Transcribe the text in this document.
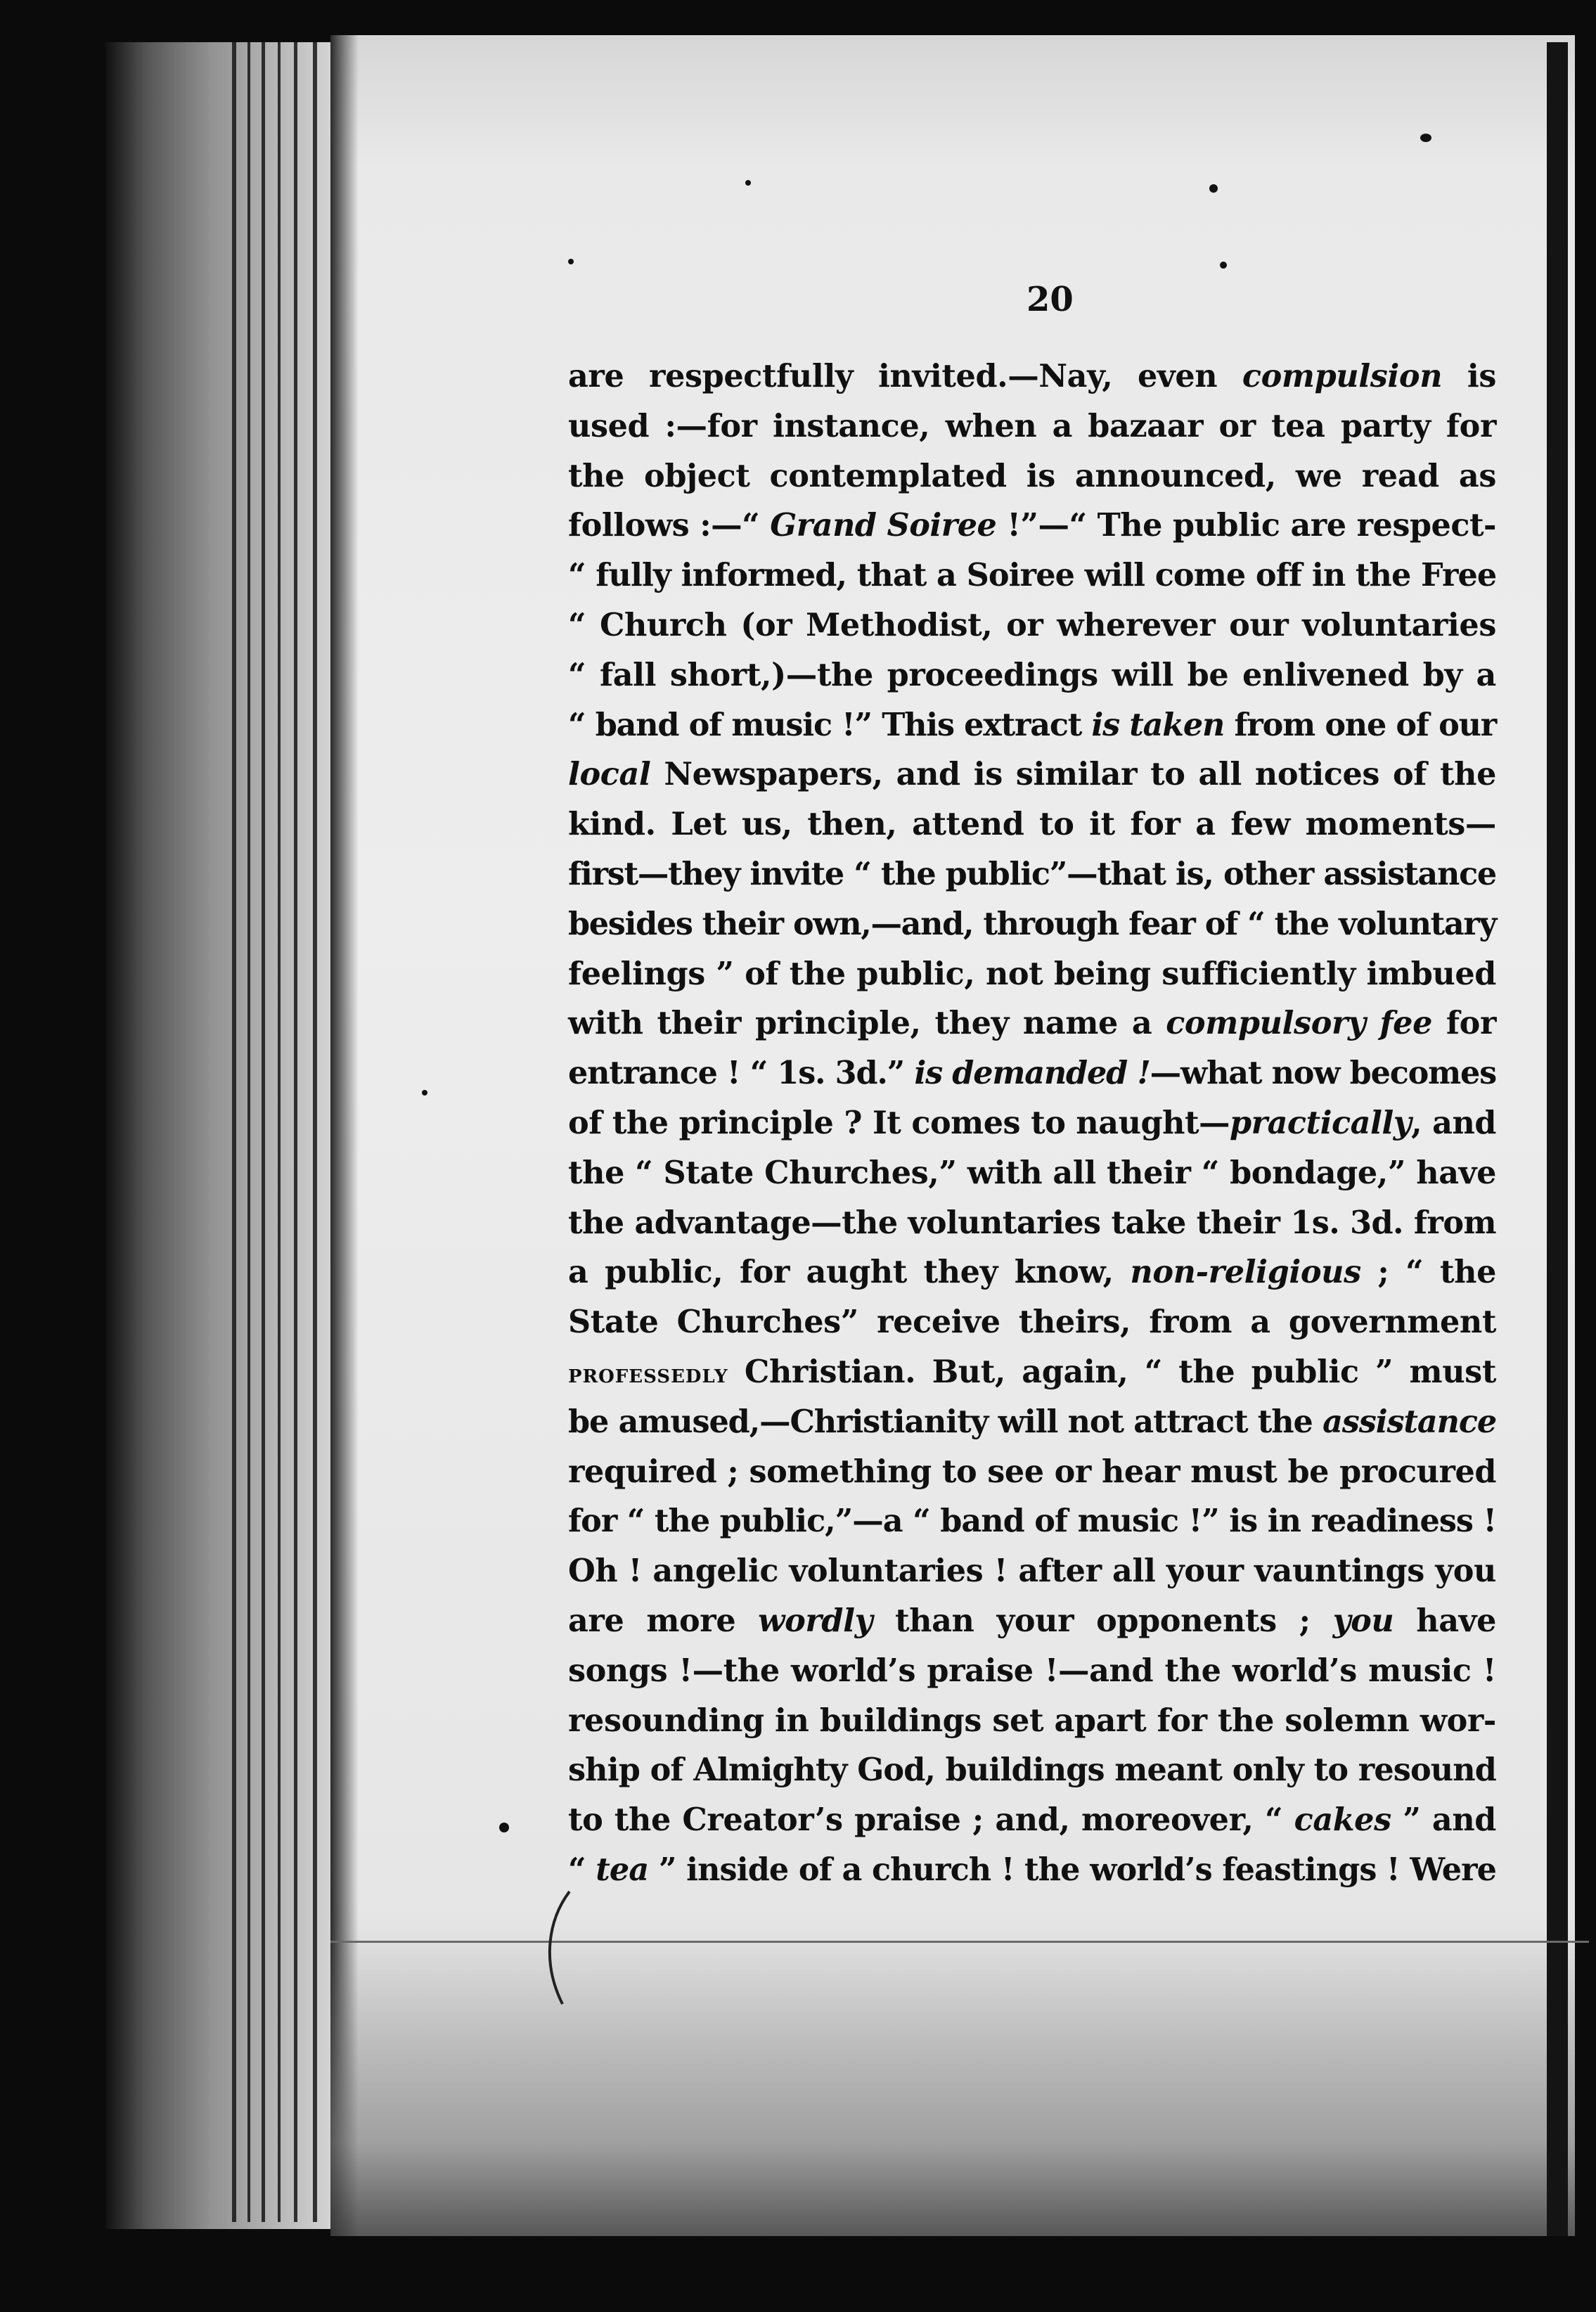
20
are respectfully invited.—Nay, even compulsion is
used :—for instance, when a bazaar or tea party for
the object contemplated is announced, we read as
follows :—“ Grand Soiree !”—“ The public are respect-
“ fully informed, that a Soiree will come off in the Free
“ Church (or Methodist, or wherever our voluntaries
“ fall short,)—the proceedings will be enlivened by a
“ band of music !” This extract is taken from one of our
local Newspapers, and is similar to all notices of the
kind. Let us, then, attend to it for a few moments—
first—they invite “ the public”—that is, other assistance
besides their own,—and, through fear of “ the voluntary
feelings ” of the public, not being sufficiently imbued
with their principle, they name a compulsory fee for
entrance ! “ 1s. 3d.” is demanded !—what now becomes
of the principle ? It comes to naught—practically, and
the “ State Churches,” with all their “ bondage,” have
the advantage—the voluntaries take their 1s. 3d. from
a public, for aught they know, non-religious ; “ the
State Churches” receive theirs, from a government
professedly Christian. But, again, “ the public ” must
be amused,—Christianity will not attract the assistance
required ; something to see or hear must be procured
for “ the public,”—a “ band of music !” is in readiness !
Oh ! angelic voluntaries ! after all your vauntings you
are more wordly than your opponents ; you have
songs !—the world’s praise !—and the world’s music !
resounding in buildings set apart for the solemn wor-
ship of Almighty God, buildings meant only to resound
to the Creator’s praise ; and, moreover, “ cakes ” and
“ tea ” inside of a church ! the world’s feastings ! Were
